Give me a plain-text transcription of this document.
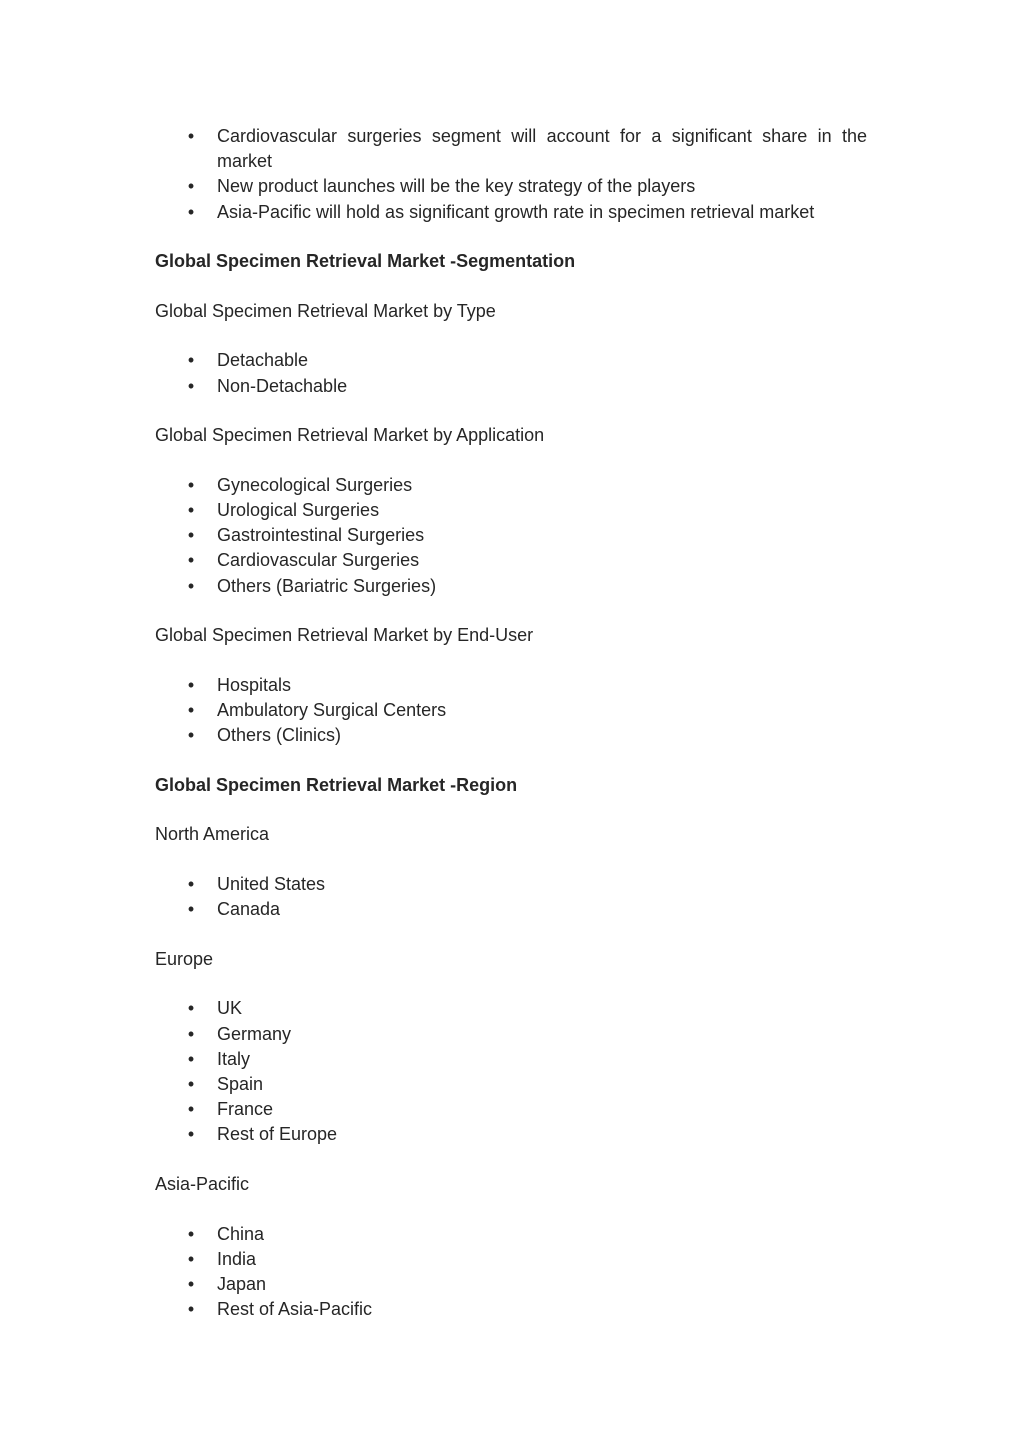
• Cardiovascular surgeries segment will account for a significant share in the market
• New product launches will be the key strategy of the players
• Asia-Pacific will hold as significant growth rate in specimen retrieval market

Global Specimen Retrieval Market -Segmentation

Global Specimen Retrieval Market by Type

• Detachable
• Non-Detachable

Global Specimen Retrieval Market by Application

• Gynecological Surgeries
• Urological Surgeries
• Gastrointestinal Surgeries
• Cardiovascular Surgeries
• Others (Bariatric Surgeries)

Global Specimen Retrieval Market by End-User

• Hospitals
• Ambulatory Surgical Centers
• Others (Clinics)

Global Specimen Retrieval Market -Region

North America

• United States
• Canada

Europe

• UK
• Germany
• Italy
• Spain
• France
• Rest of Europe

Asia-Pacific

• China
• India
• Japan
• Rest of Asia-Pacific
